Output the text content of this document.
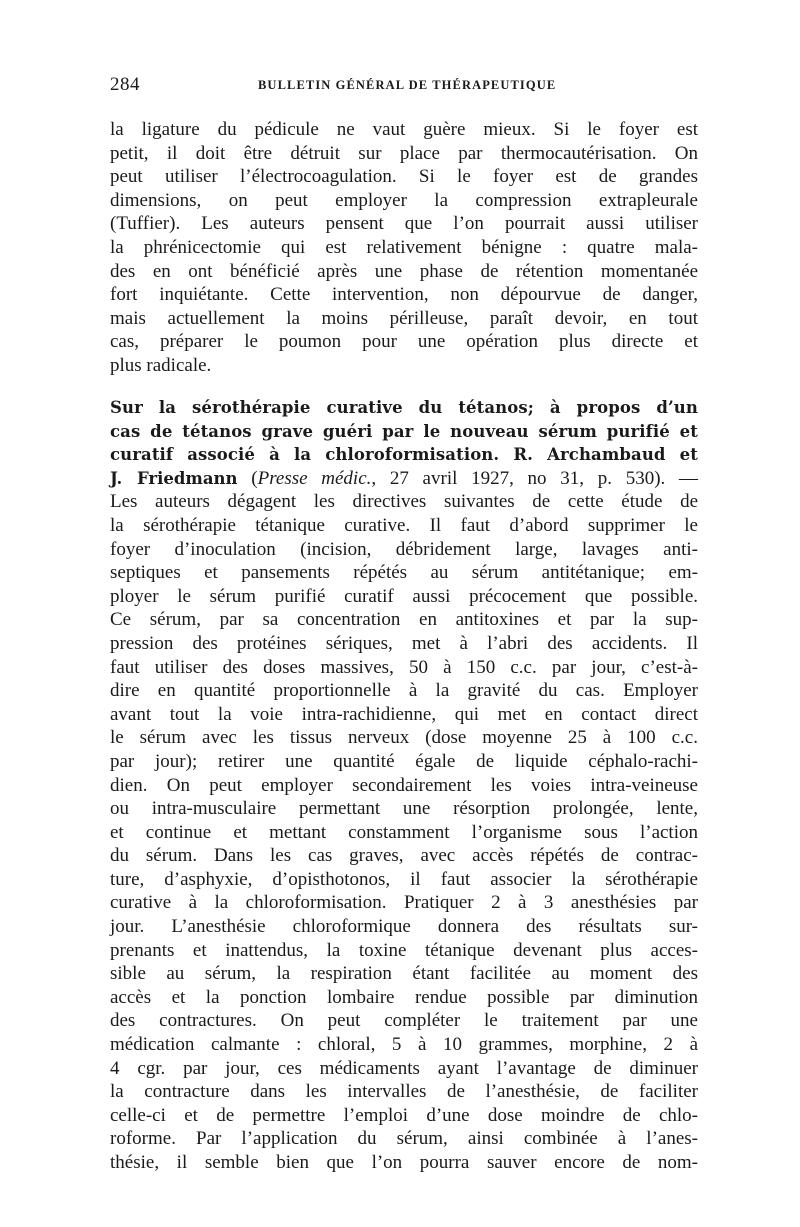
284	BULLETIN GÉNÉRAL DE THÉRAPEUTIQUE
la ligature du pédicule ne vaut guère mieux. Si le foyer est
petit, il doit être détruit sur place par thermocautérisation. On
peut utiliser l’électrocoagulation. Si le foyer est de grandes
dimensions, on peut employer la compression extrapleurale
(Tuffier). Les auteurs pensent que l’on pourrait aussi utiliser
la phrénicectomie qui est relativement bénigne : quatre mala-
des en ont bénéficié après une phase de rétention momentanée
fort inquiétante. Cette intervention, non dépourvue de danger,
mais actuellement la moins périlleuse, paraît devoir, en tout
cas, préparer le poumon pour une opération plus directe et
plus radicale.
Sur la sérothérapie curative du tétanos; à propos d’un
cas de tétanos grave guéri par le nouveau sérum purifié et
curatif associé à la chloroformisation. R. Archambaud et
J. Friedmann (Presse médic., 27 avril 1927, no 31, p. 530). —
Les auteurs dégagent les directives suivantes de cette étude de
la sérothérapie tétanique curative. Il faut d’abord supprimer le
foyer d’inoculation (incision, débridement large, lavages anti-
septiques et pansements répétés au sérum antitétanique; em-
ployer le sérum purifié curatif aussi précocement que possible.
Ce sérum, par sa concentration en antitoxines et par la sup-
pression des protéines sériques, met à l’abri des accidents. Il
faut utiliser des doses massives, 50 à 150 c.c. par jour, c’est-à-
dire en quantité proportionnelle à la gravité du cas. Employer
avant tout la voie intra-rachidienne, qui met en contact direct
le sérum avec les tissus nerveux (dose moyenne 25 à 100 c.c.
par jour); retirer une quantité égale de liquide céphalo-rachi-
dien. On peut employer secondairement les voies intra-veineuse
ou intra-musculaire permettant une résorption prolongée, lente,
et continue et mettant constamment l’organisme sous l’action
du sérum. Dans les cas graves, avec accès répétés de contrac-
ture, d’asphyxie, d’opisthotonos, il faut associer la sérothérapie
curative à la chloroformisation. Pratiquer 2 à 3 anesthésies par
jour. L’anesthésie chloroformique donnera des résultats sur-
prenants et inattendus, la toxine tétanique devenant plus acces-
sible au sérum, la respiration étant facilitée au moment des
accès et la ponction lombaire rendue possible par diminution
des contractures. On peut compléter le traitement par une
médication calmante : chloral, 5 à 10 grammes, morphine, 2 à
4 cgr. par jour, ces médicaments ayant l’avantage de diminuer
la contracture dans les intervalles de l’anesthésie, de faciliter
celle-ci et de permettre l’emploi d’une dose moindre de chlo-
roforme. Par l’application du sérum, ainsi combinée à l’anes-
thésie, il semble bien que l’on pourra sauver encore de nom-
